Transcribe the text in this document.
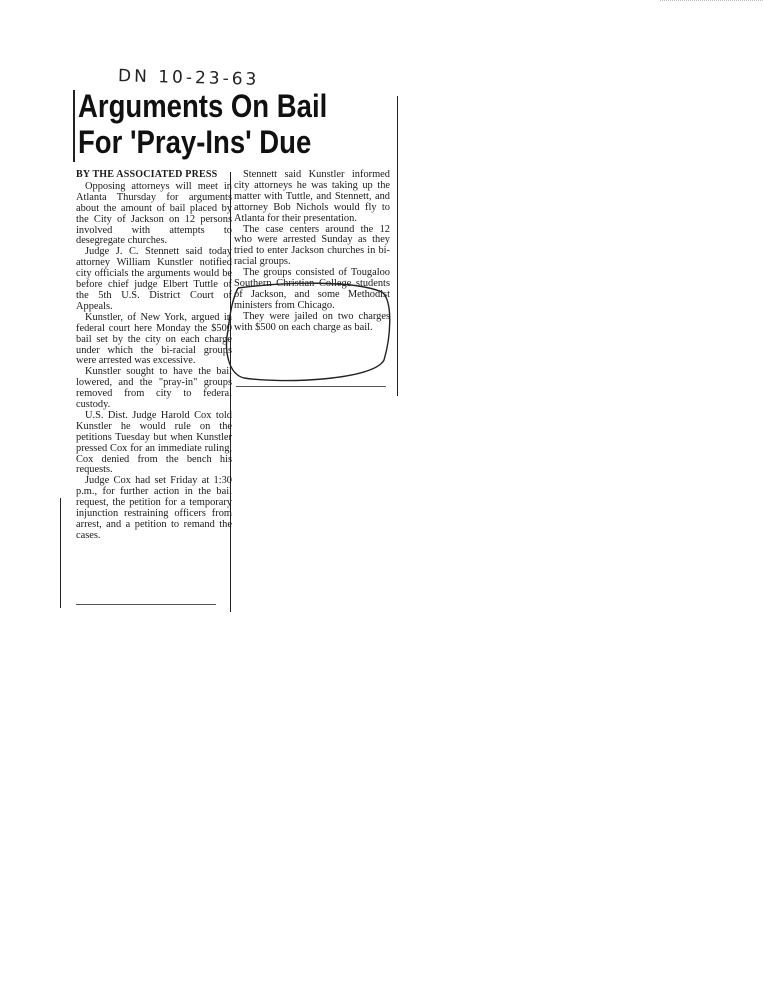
DN 10-23-63
Arguments On Bail
For 'Pray-Ins' Due

BY THE ASSOCIATED PRESS

Opposing attorneys will meet in Atlanta Thursday for arguments about the amount of bail placed by the City of Jackson on 12 persons involved with attempts to desegregate churches.

Judge J. C. Stennett said today attorney William Kunstler notified city officials the arguments would be before chief judge Elbert Tuttle of the 5th U.S. District Court of Appeals.

Kunstler, of New York, argued in federal court here Monday the $500 bail set by the city on each charge under which the bi-racial groups were arrested was excessive.

Kunstler sought to have the bail lowered, and the "pray-in" groups removed from city to federal custody.

U.S. Dist. Judge Harold Cox told Kunstler he would rule on the petitions Tuesday but when Kunstler pressed Cox for an immediate ruling, Cox denied from the bench his requests.

Judge Cox had set Friday at 1:30 p.m., for further action in the bail request, the petition for a temporary injunction restraining officers from arrest, and a petition to remand the cases.

Stennett said Kunstler informed city attorneys he was taking up the matter with Tuttle, and Stennett, and attorney Bob Nichols would fly to Atlanta for their presentation.

The case centers around the 12 who were arrested Sunday as they tried to enter Jackson churches in bi-racial groups.

The groups consisted of Tougaloo Southern Christian College students of Jackson, and some Methodist ministers from Chicago.

They were jailed on two charges with $500 on each charge as bail.
